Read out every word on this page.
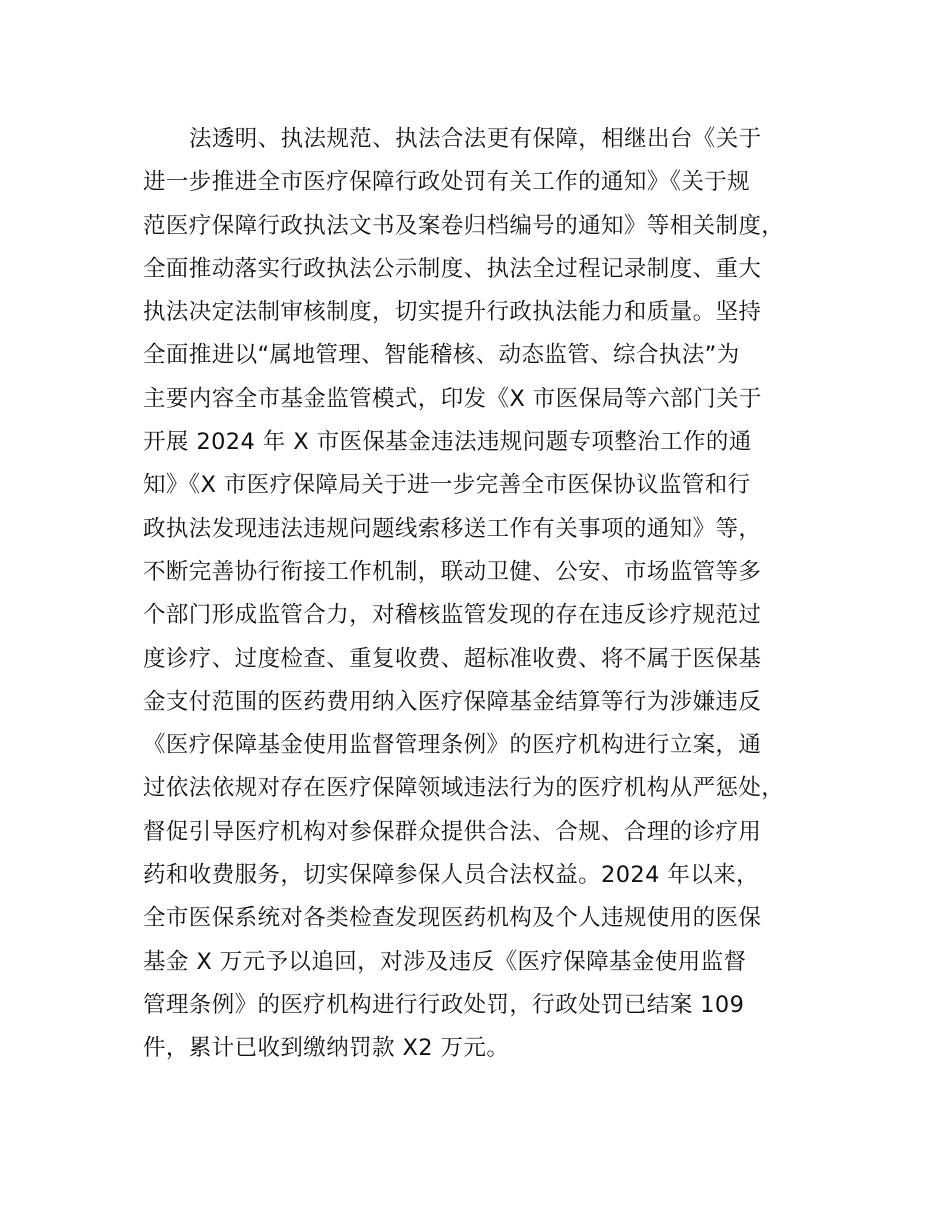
法透明、执法规范、执法合法更有保障，相继出台《关于
进一步推进全市医疗保障行政处罚有关工作的通知》《关于规
范医疗保障行政执法文书及案卷归档编号的通知》等相关制度，
全面推动落实行政执法公示制度、执法全过程记录制度、重大
执法决定法制审核制度，切实提升行政执法能力和质量。坚持
全面推进以“属地管理、智能稽核、动态监管、综合执法”为
主要内容全市基金监管模式，印发《X 市医保局等六部门关于
开展 2024 年 X 市医保基金违法违规问题专项整治工作的通
知》《X 市医疗保障局关于进一步完善全市医保协议监管和行
政执法发现违法违规问题线索移送工作有关事项的通知》等，
不断完善协行衔接工作机制，联动卫健、公安、市场监管等多
个部门形成监管合力，对稽核监管发现的存在违反诊疗规范过
度诊疗、过度检查、重复收费、超标准收费、将不属于医保基
金支付范围的医药费用纳入医疗保障基金结算等行为涉嫌违反
《医疗保障基金使用监督管理条例》的医疗机构进行立案，通
过依法依规对存在医疗保障领域违法行为的医疗机构从严惩处，
督促引导医疗机构对参保群众提供合法、合规、合理的诊疗用
药和收费服务，切实保障参保人员合法权益。2024 年以来，
全市医保系统对各类检查发现医药机构及个人违规使用的医保
基金 X 万元予以追回，对涉及违反《医疗保障基金使用监督
管理条例》的医疗机构进行行政处罚，行政处罚已结案 109
件，累计已收到缴纳罚款 X2 万元。
